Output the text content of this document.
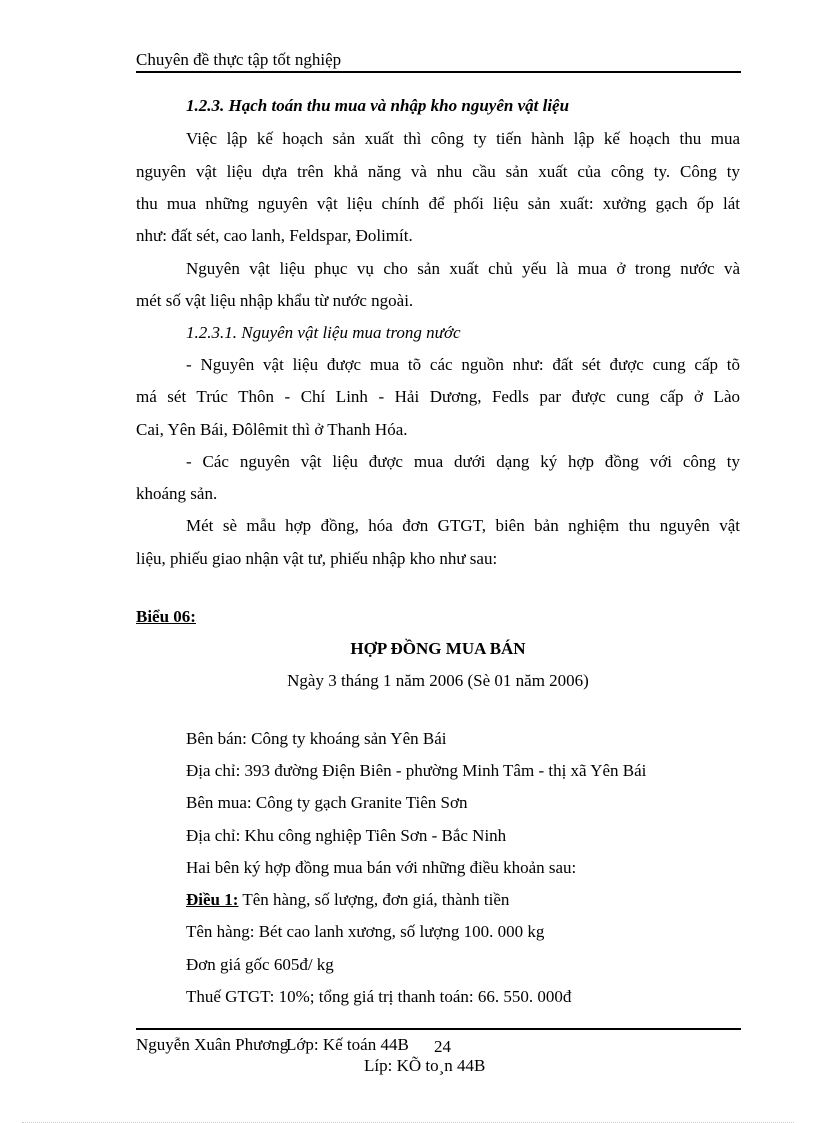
Chuyên đề thực tập tốt nghiệp
1.2.3. Hạch toán thu mua và nhập kho nguyên vật liệu
Việc lập kế hoạch sản xuất thì công ty tiến hành lập kế hoạch thu mua
nguyên vật liệu dựa trên khả năng và nhu cầu sản xuất của công ty. Công ty
thu mua những nguyên vật liệu chính để phối liệu sản xuất: xưởng gạch ốp lát
như: đất sét, cao lanh, Feldspar, Đolimít.
Nguyên vật liệu phục vụ cho sản xuất chủ yếu là mua ở trong nước và
mét số vật liệu nhập khẩu từ nước ngoài.
1.2.3.1. Nguyên vật liệu mua trong nước
- Nguyên vật liệu được mua tõ các nguồn như: đất sét được cung cấp tõ
má sét Trúc Thôn - Chí Linh - Hải Dương, Fedls par được cung cấp ở Lào
Cai, Yên Bái, Đôlêmit thì ở Thanh Hóa.
- Các nguyên vật liệu được mua dưới dạng ký hợp đồng với công ty
khoáng sản.
Mét sè mẫu hợp đồng, hóa đơn GTGT, biên bản nghiệm thu nguyên vật
liệu, phiếu giao nhận vật tư, phiếu nhập kho như sau:
Biểu 06:
HỢP ĐỒNG MUA BÁN
Ngày 3 tháng 1 năm 2006 (Sè 01 năm 2006)
Bên bán: Công ty khoáng sản Yên Bái
Địa chỉ: 393 đường Điện Biên - phường Minh Tâm - thị xã Yên Bái
Bên mua: Công ty gạch Granite Tiên Sơn
Địa chỉ: Khu công nghiệp Tiên Sơn - Bắc Ninh
Hai bên ký hợp đồng mua bán với những điều khoản sau:
Điều 1: Tên hàng, số lượng, đơn giá, thành tiền
Tên hàng: Bét cao lanh xương, số lượng 100. 000 kg
Đơn giá gốc 605đ/ kg
Thuế GTGT: 10%; tổng giá trị thanh toán: 66. 550. 000đ
Nguyễn Xuân Phương
Lớp: Kế toán 44B 24
Líp: KÕ to¸n 44B
